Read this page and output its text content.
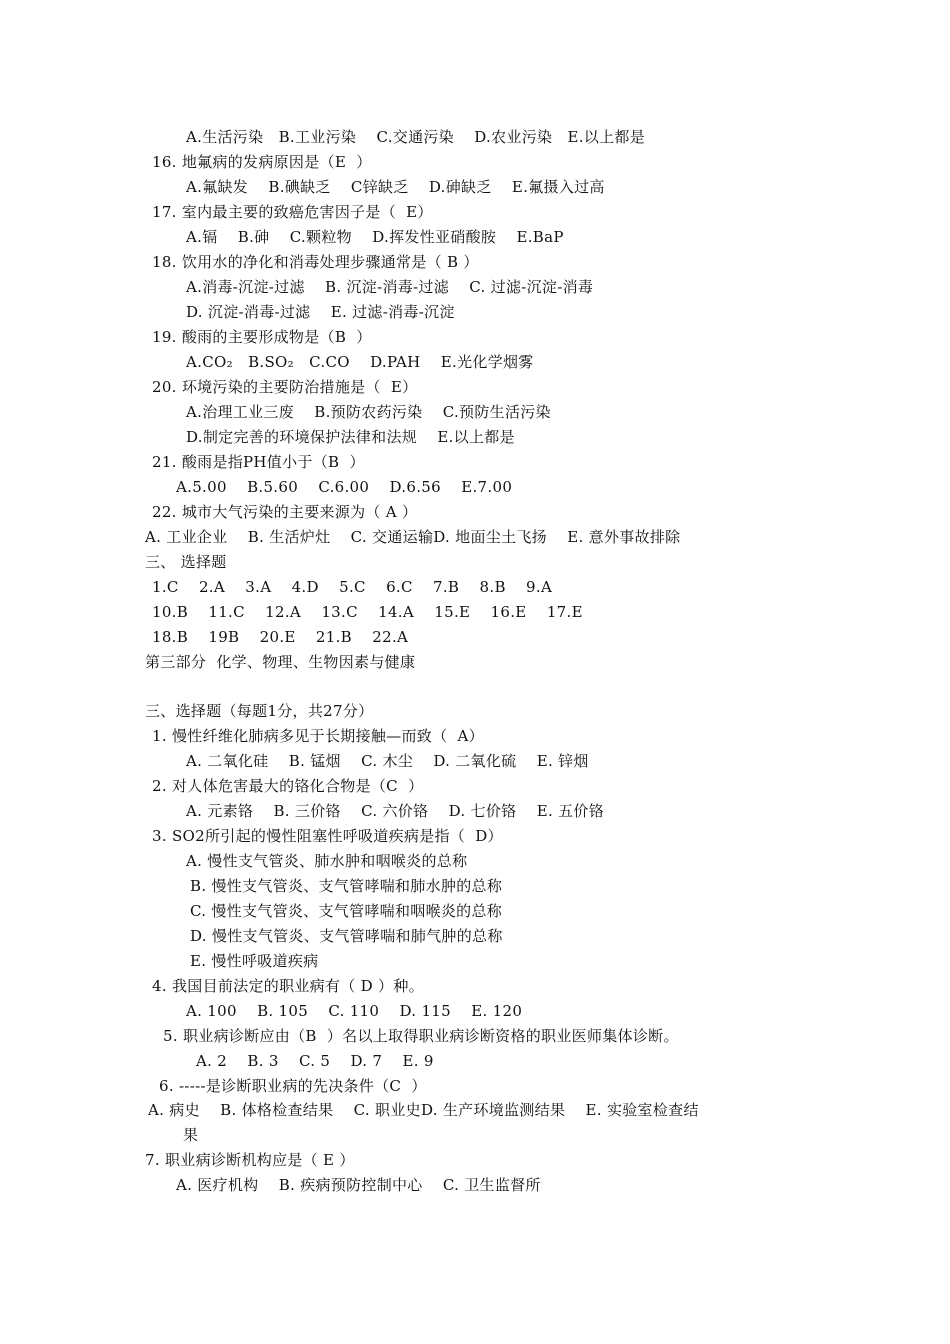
A.生活污染   B.工业污染    C.交通污染    D.农业污染   E.以上都是
16. 地氟病的发病原因是（E  ）
A.氟缺发    B.碘缺乏    C锌缺乏    D.砷缺乏    E.氟摄入过高
17. 室内最主要的致癌危害因子是（  E）
A.镉    B.砷    C.颗粒物    D.挥发性亚硝酸胺    E.BaP
18. 饮用水的净化和消毒处理步骤通常是（ B ）
A.消毒-沉淀-过滤    B. 沉淀-消毒-过滤    C. 过滤-沉淀-消毒
D. 沉淀-消毒-过滤    E. 过滤-消毒-沉淀
19. 酸雨的主要形成物是（B  ）
A.CO₂   B.SO₂   C.CO    D.PAH    E.光化学烟雾
20. 环境污染的主要防治措施是（  E）
A.治理工业三废    B.预防农药污染    C.预防生活污染
D.制定完善的环境保护法律和法规    E.以上都是
21. 酸雨是指PH值小于（B  ）
A.5.00    B.5.60    C.6.00    D.6.56    E.7.00
22. 城市大气污染的主要来源为（ A ）
A. 工业企业    B. 生活炉灶    C. 交通运输D. 地面尘土飞扬    E. 意外事故排除
三、 选择题
1.C    2.A    3.A    4.D    5.C    6.C    7.B    8.B    9.A
10.B    11.C    12.A    13.C    14.A    15.E    16.E    17.E
18.B    19B    20.E    21.B    22.A
第三部分  化学、物理、生物因素与健康
三、选择题（每题1分，共27分）
1. 慢性纤维化肺病多见于长期接触—而致（  A）
A. 二氧化硅    B. 锰烟    C. 木尘    D. 二氧化硫    E. 锌烟
2. 对人体危害最大的铬化合物是（C  ）
A. 元素铬    B. 三价铬    C. 六价铬    D. 七价铬    E. 五价铬
3. SO2所引起的慢性阻塞性呼吸道疾病是指（  D）
A. 慢性支气管炎、肺水肿和咽喉炎的总称
B. 慢性支气管炎、支气管哮喘和肺水肿的总称
C. 慢性支气管炎、支气管哮喘和咽喉炎的总称
D. 慢性支气管炎、支气管哮喘和肺气肿的总称
E. 慢性呼吸道疾病
4. 我国目前法定的职业病有（ D ）种。
A. 100    B. 105    C. 110    D. 115    E. 120
5. 职业病诊断应由（B  ）名以上取得职业病诊断资格的职业医师集体诊断。
A. 2    B. 3    C. 5    D. 7    E. 9
6. -----是诊断职业病的先决条件（C  ）
A. 病史    B. 体格检查结果    C. 职业史D. 生产环境监测结果    E. 实验室检查结
果
7. 职业病诊断机构应是（ E ）
A. 医疗机构    B. 疾病预防控制中心    C. 卫生监督所
